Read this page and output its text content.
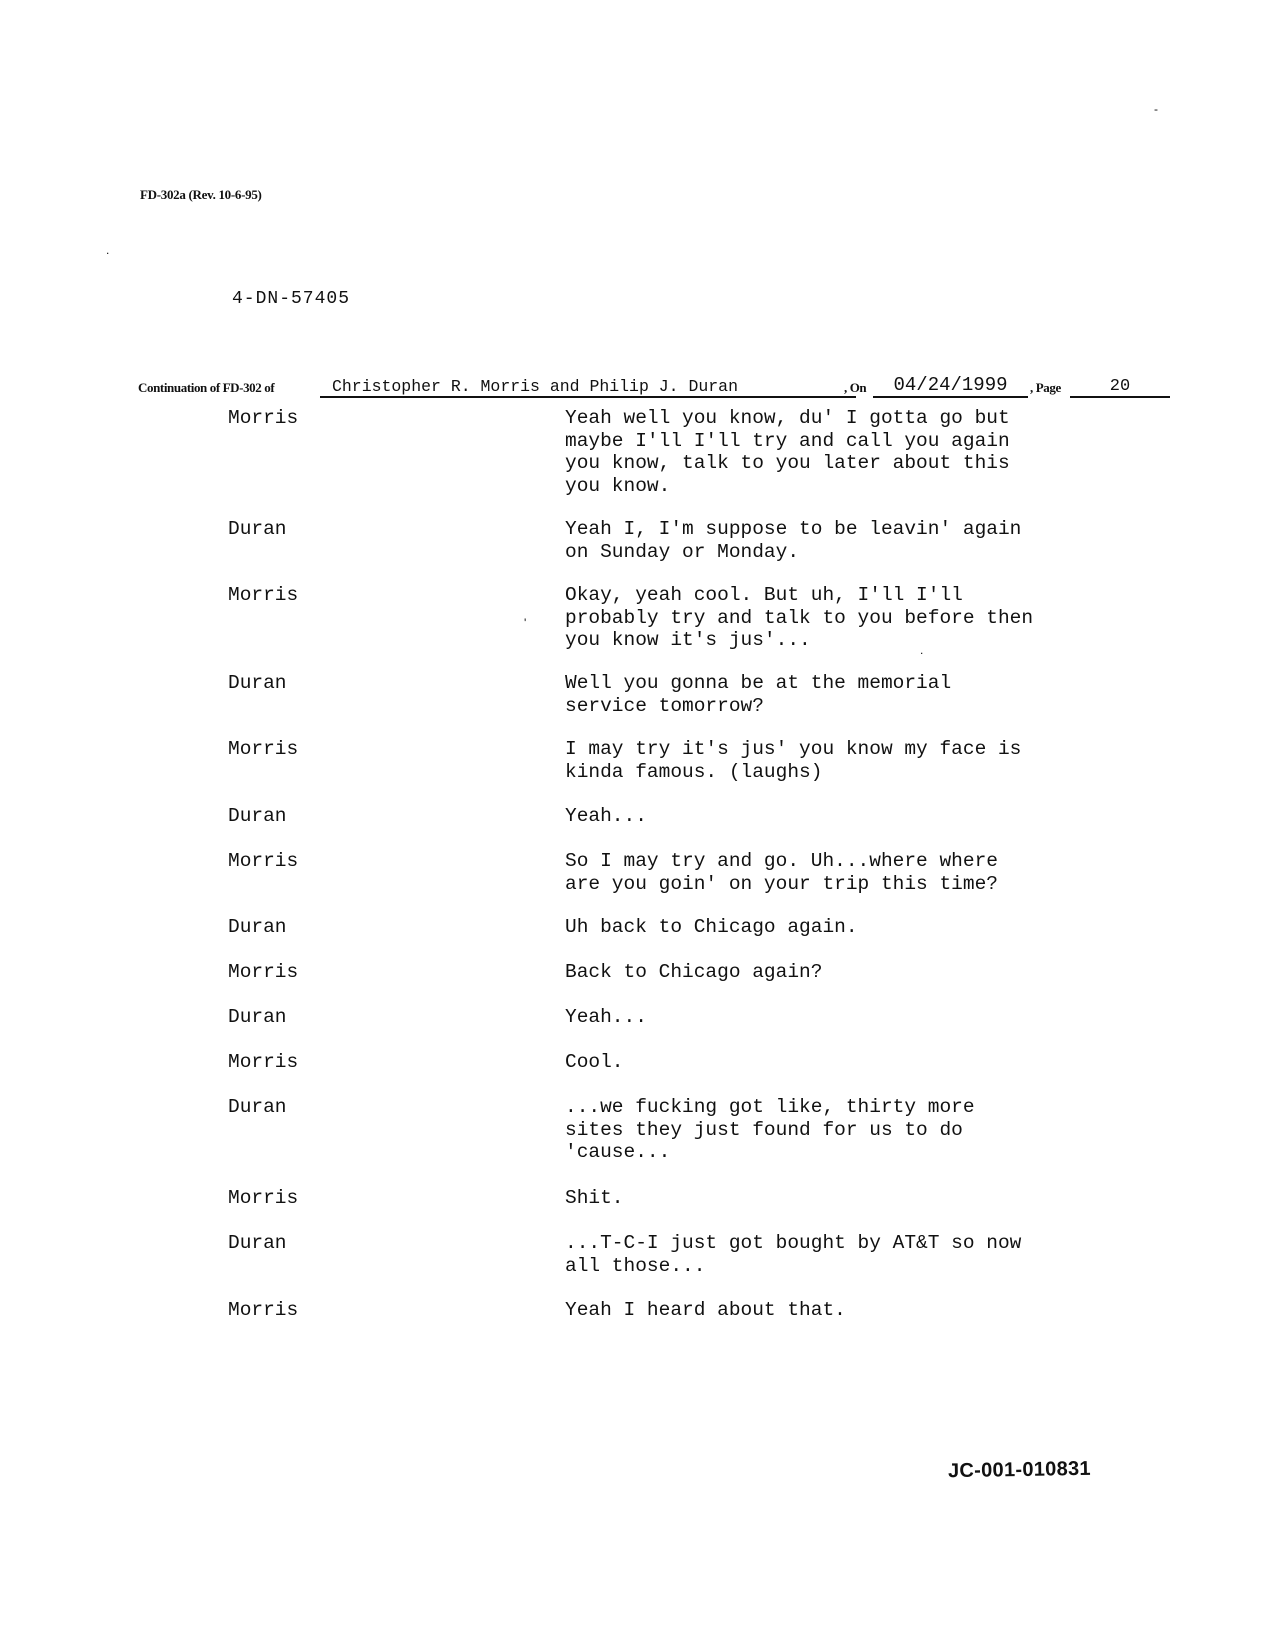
FD-302a (Rev. 10-6-95)
4-DN-57405
Continuation of FD-302 of	Christopher R. Morris and Philip J. Duran	, On	04/24/1999	, Page	20
Morris	Yeah well you know, du' I gotta go but
maybe I'll I'll try and call you again
you know, talk to you later about this
you know.
Duran	Yeah I, I'm suppose to be leavin' again
on Sunday or Monday.
Morris	Okay, yeah cool. But uh, I'll I'll
probably try and talk to you before then
you know it's jus'...
Duran	Well you gonna be at the memorial
service tomorrow?
Morris	I may try it's jus' you know my face is
kinda famous. (laughs)
Duran	Yeah...
Morris	So I may try and go. Uh...where where
are you goin' on your trip this time?
Duran	Uh back to Chicago again.
Morris	Back to Chicago again?
Duran	Yeah...
Morris	Cool.
Duran	...we fucking got like, thirty more
sites they just found for us to do
'cause...
Morris	Shit.
Duran	...T-C-I just got bought by AT&T so now
all those...
Morris	Yeah I heard about that.
-
.
'
.
JC-001-010831
